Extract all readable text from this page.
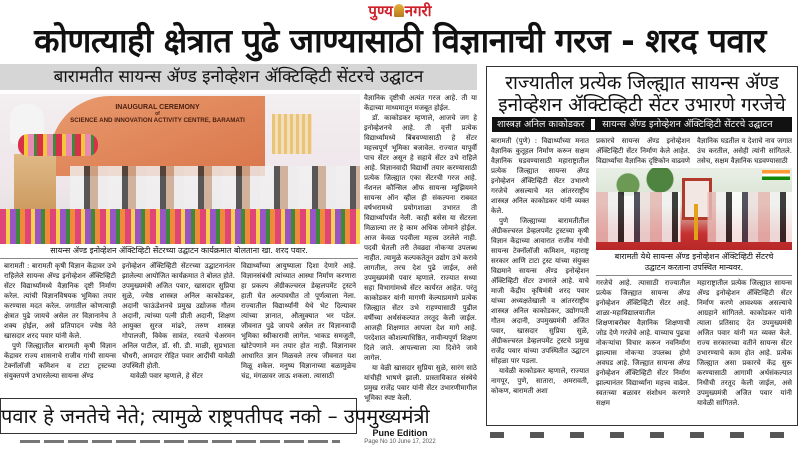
पुण्य नगरी
कोणत्याही क्षेत्रात पुढे जाण्यासाठी विज्ञानाची गरज - शरद पवार
बारामतीत सायन्स ॲण्ड इनोव्हेशन ॲक्टिव्हिटी सेंटरचे उद्घाटन
INAUGURAL CEREMONY
of
SCIENCE AND INNOVATION ACTIVITY CENTRE, BARAMATI
सायन्स ॲण्ड इनोव्हेशन ॲक्टिव्हिटी सेंटरच्या उद्घाटन कार्यक्रमात बोलताना खा. शरद पवार.

बारामती : बारामती कृषी विज्ञान केंद्रावर उभे राहिलेले सायन्स ॲण्ड इनोव्हेशन ॲक्टिव्हिटी सेंटर विद्यार्थ्यांमध्ये वैज्ञानिक दृष्टी निर्माण करेल. त्यांची विज्ञानविषयक भूमिका तयार करण्यास मदत करेल. जगातील कोणत्याही क्षेत्रात पुढे जायचे असेल तर विज्ञानानेच ते शक्य होईल, असे प्रतिपादन ज्येष्ठ नेते खासदार शरद पवार यांनी केले.

पुणे जिल्ह्यातील बारामती कृषी विज्ञान केंद्रावर राज्य शासनाचे राजीव गांधी सायन्स टेक्नॉलॉजी कमिशन व टाटा ट्रस्टच्या संयुक्तपणे उभारलेल्या सायन्स ॲण्ड

इनोव्हेशन ॲक्टिव्हिटी सेंटरच्या उद्घाटनानंतर झालेल्या आयोजित कार्यक्रमात ते बोलत होते. उपमुख्यमंत्री अजित पवार, खासदार सुप्रिया सुळे, ज्येष्ठ शास्त्रज्ञ अनिल काकोडकर, अदानी फाऊंडेशनचे प्रमुख उद्योजक गौतम अदानी, त्यांच्या पत्नी प्रीती अदानी, शिक्षण आयुक्त सुरज मांढरे, तरुण शास्त्रज्ञ गोपालजी, विवेक सावंत, रयतचे चेअरमन अनिल पाटील, डॉ. सी. डी. माळी, सुप्रभाता चौधरी, आमदार रोहित पवार आदींची यावेळी उपस्थिती होती.

यावेळी पवार म्हणाले, हे सेंटर

विद्यार्थ्यांच्या आयुष्याला दिशा देणारे आहे. विज्ञानसंबंधी त्यांच्यात आस्था निर्माण करणारा हा प्रकल्प ॲग्रीकल्चरल डेव्हलपमेंट ट्रस्टने हाती घेत अल्पावधीत तो पूर्णत्वाला नेला. राज्यातील विद्यार्थ्यांनी येथे भेट दिल्यावर त्यांच्या ज्ञानात, औत्सुक्यात भर पडेल. जीवनात पुढे जायचे असेल तर विज्ञानवादी भूमिका स्वीकारावी लागेल. भाकड समजुती, खोटेपणाने मन तयार होत नाही. विज्ञानावर आधारित ज्ञान मिळवले तरच जीवनात यश मिळू शकेल. मनुष्य विज्ञानाच्या बळामुळेच चंद्र, मंगळावर जाऊ शकला. त्यासाठी

वैज्ञानिक दृष्टीची अत्यंत गरज आहे. ती या केंद्राच्या माध्यमातून मजबूत होईल.

डॉ. काकोडकर म्हणाले, आजचे जग हे इनोव्हेशनचे आहे. ती वृत्ती प्रत्येक विद्यार्थ्यांमध्ये बिंबवण्यासाठी हे सेंटर महत्त्वपूर्ण भूमिका बजावेल. राज्यात यापूर्वी पाच सेंटर असून हे सहावे सेंटर उभे राहिले आहे. विज्ञानवादी विद्यार्थी तयार करण्यासाठी प्रत्येक जिल्ह्यात एका सेंटरची गरज आहे. नॅशनल कौन्सिल ऑफ सायन्स म्युझियमने सायन्स ऑन व्हील ही संकल्पना राबवत वर्षभरामध्ये प्रयोगशाळा उभारत ती विद्यार्थ्यांपर्यंत नेली. काही बसेस या सेंटरला मिळाल्या तर हे काम अधिक जोमाने होईल. आज केवळ पदवीला महत्त्व उरलेले नाही. पदवी घेतली तरी तेवढ्या नोकऱ्या उपलब्ध नाहीत. त्यामुळे कल्पकतेतून उद्योग उभे करावे लागतील, तरच देश पुढे जाईल, असे उपमुख्यमंत्री पवार म्हणाले. राज्यात सध्या सहा विभागांमध्ये सेंटर कार्यरत आहेत. परंतु काकोडकर यांनी मागणी केल्याप्रमाणे प्रत्येक जिल्ह्यात सेंटर उभे राहण्यासाठी पुढील वर्षीच्या अर्थसंकल्पात तरतूद केली जाईल. आजही शिक्षणात आपला देश मागे आहे. परदेशात कौशल्याधिष्ठित, नावीन्यपूर्ण शिक्षण दिले जाते. आपल्याला त्या दिशेने जावे लागेल.

या वेळी खासदार सुप्रिया सुळे, सारंग साठे यांचीही भाषणे झाली. प्रास्ताविकात संस्थेचे प्रमुख राजेंद्र पवार यांनी सेंटर उभारणीमागील भूमिका स्पष्ट केली.

पवार हे जनतेचे नेते; त्यामुळे राष्ट्रपतीपद नको – उपमुख्यमंत्री
राज्यातील प्रत्येक जिल्ह्यात सायन्स ॲण्ड
इनोव्हेशन ॲक्टिव्हिटी सेंटर उभारणे गरजेचे
शास्त्रज्ञ अनिल काकोडकर	सायन्स ॲण्ड इनोव्हेशन ॲक्टिव्हिटी सेंटरचे उद्घाटन

बारामती (पुणे) : विद्यार्थ्यांच्या मनात वैज्ञानिक कुतूहल निर्माण करून सक्षम वैज्ञानिक घडवण्यासाठी महाराष्ट्रातील प्रत्येक जिल्ह्यात सायन्स ॲण्ड इनोव्हेशन ॲक्टिव्हिटी सेंटर उभारणे गरजेचे असल्याचे मत आंतरराष्ट्रीय शास्त्रज्ञ अनिल काकोडकर यांनी व्यक्त केले.

पुणे जिल्ह्याच्या बारामतीतील ॲग्रीकल्चरल डेव्हलपमेंट ट्रस्टच्या कृषी विज्ञान केंद्राच्या आवारात राजीव गांधी सायन्स टेक्नॉलॉजी कमिशन, महाराष्ट्र सरकार आणि टाटा ट्रस्ट यांच्या संयुक्त विद्यमाने सायन्स ॲण्ड इनोव्हेशन ॲक्टिव्हिटी सेंटर उभारले आहे. याचे माजी केंद्रीय कृषिमंत्री शरद पवार यांच्या अध्यक्षतेखाली व आंतरराष्ट्रीय शास्त्रज्ञ अनिल काकोडकर, उद्योगपती गौतम अदानी, उपमुख्यमंत्री अजित पवार, खासदार सुप्रिया सुळे, ॲग्रीकल्चरल डेव्हलपमेंट ट्रस्टचे प्रमुख राजेंद्र पवार यांच्या उपस्थितीत उद्घाटन सोहळा पार पडला.

यावेळी काकोडकर म्हणाले, राज्यात नागपूर, पुणे, सातारा, अमरावती, कोकण, बारामती अशा

प्रकारचे सायन्स ॲण्ड इनोव्हेशन ॲक्टिव्हिटी सेंटर निर्माण केले आहेत. विद्यार्थ्यांचा वैज्ञानिक दृष्टिकोन वाढवणे

वैज्ञानिक घडतील व देशाचे नाव जगात उंच करतील, असेही त्यांनी सांगितले. तसेच, सक्षम वैज्ञानिक घडवण्यासाठी

बारामती येथे सायन्स ॲण्ड इनोव्हेशन ॲक्टिव्हिटी सेंटरचे उद्घाटन करताना उपस्थित मान्यवर.

गरजेचे आहे. त्यासाठी राज्यातील प्रत्येक जिल्ह्यात सायन्स ॲण्ड इनोव्हेशन ॲक्टिव्हिटी सेंटर आहे. शाळा-महाविद्यालयातील शिक्षणाबरोबर वैज्ञानिक शिक्षणाची जोड देणे गरजेचे आहे. याच्याच पुढचा नोकऱ्यांचा विचार करून नवनिर्माण झाल्यास नोकऱ्या उपलब्ध होणे अवघड आहे. जिल्ह्यात सायन्स ॲण्ड इनोव्हेशन ॲक्टिव्हिटी सेंटर निर्माण झाल्यानंतर विद्यार्थ्यांना महत्त्व वाढेल. स्वतःच्या बळावर संशोधन करणारे सक्षम

महाराष्ट्रातील प्रत्येक जिल्ह्यात सायन्स ॲण्ड इनोव्हेशन ॲक्टिव्हिटी सेंटर निर्माण करणे आवश्यक असल्याचे आग्रहाने सांगितले. काकोडकर यांनी त्याला प्रतिसाद देत उपमुख्यमंत्री अजित पवार यांनी मत व्यक्त केले. राज्य सरकारच्या वतीने सायन्स सेंटर उभारण्याचे काम होत आहे. प्रत्येक जिल्ह्यात असा प्रकारचे केंद्र सुरू करण्यासाठी आगामी अर्थसंकल्पात निधीची तरतूद केली जाईल, असे उपमुख्यमंत्री अजित पवार यांनी यावेळी सांगितले.

Pune Edition
Page No 10 June 17, 2022
